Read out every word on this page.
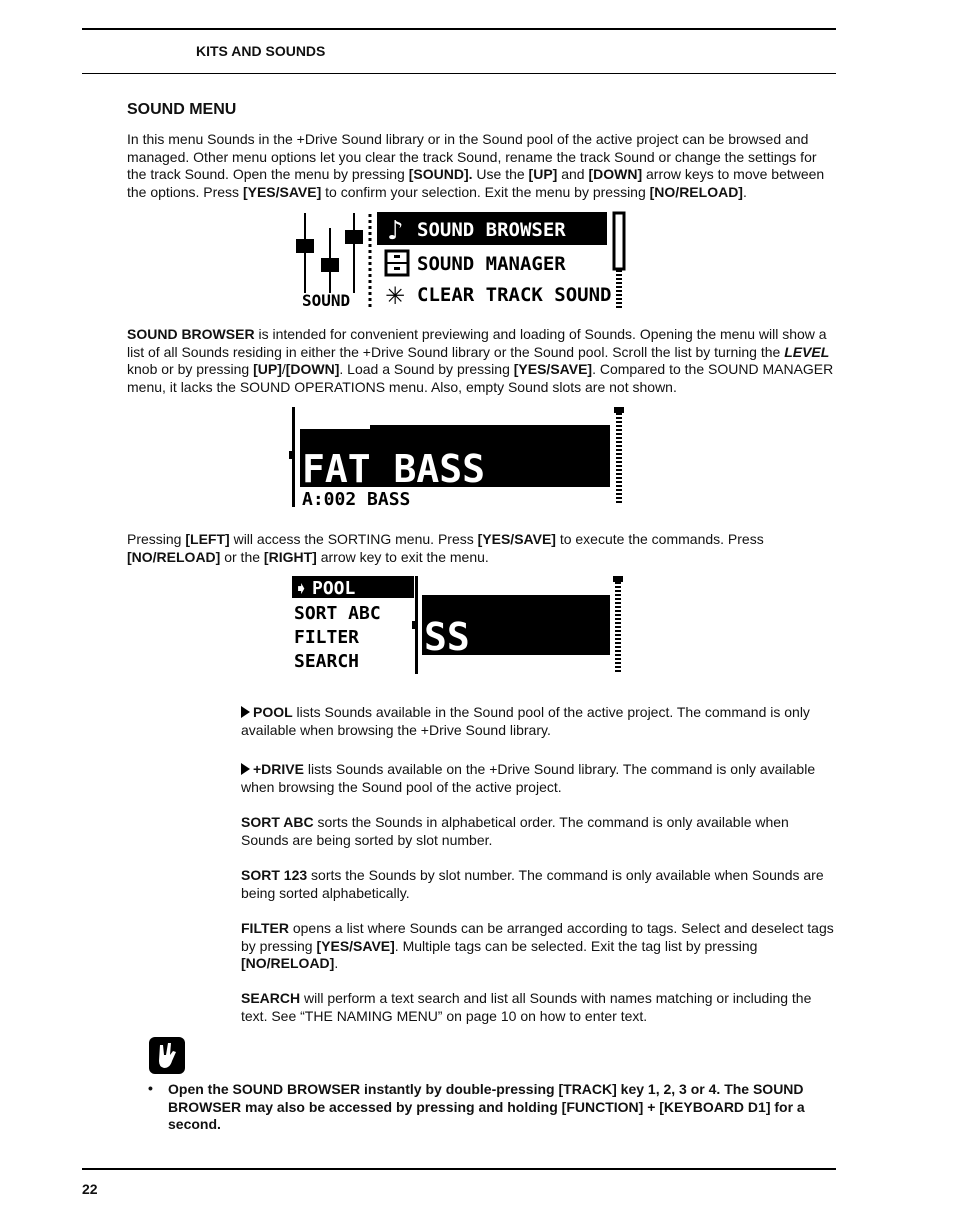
KITS AND SOUNDS
SOUND MENU

In this menu Sounds in the +Drive Sound library or in the Sound pool of the active project can be browsed and managed. Other menu options let you clear the track Sound, rename the track Sound or change the settings for the track Sound. Open the menu by pressing [SOUND]. Use the [UP] and [DOWN] arrow keys to move between the options. Press [YES/SAVE] to confirm your selection. Exit the menu by pressing [NO/RELOAD].

SOUND
♪ SOUND BROWSER
SOUND MANAGER
✳ CLEAR TRACK SOUND

SOUND BROWSER is intended for convenient previewing and loading of Sounds. Opening the menu will show a list of all Sounds residing in either the +Drive Sound library or the Sound pool. Scroll the list by turning the LEVEL knob or by pressing [UP]/[DOWN]. Load a Sound by pressing [YES/SAVE]. Compared to the SOUND MANAGER menu, it lacks the SOUND OPERATIONS menu. Also, empty Sound slots are not shown.

FAT BASS
A:002 BASS

Pressing [LEFT] will access the SORTING menu. Press [YES/SAVE] to execute the commands. Press [NO/RELOAD] or the [RIGHT] arrow key to exit the menu.

➧ POOL
SORT ABC
FILTER
SEARCH
SS

POOL lists Sounds available in the Sound pool of the active project. The command is only available when browsing the +Drive Sound library.

+DRIVE lists Sounds available on the +Drive Sound library. The command is only available when browsing the Sound pool of the active project.

SORT ABC sorts the Sounds in alphabetical order. The command is only available when Sounds are being sorted by slot number.

SORT 123 sorts the Sounds by slot number. The command is only available when Sounds are being sorted alphabetically.

FILTER opens a list where Sounds can be arranged according to tags. Select and deselect tags by pressing [YES/SAVE]. Multiple tags can be selected. Exit the tag list by pressing [NO/RELOAD].

SEARCH will perform a text search and list all Sounds with names matching or including the text. See “THE NAMING MENU” on page 10 on how to enter text.

• Open the SOUND BROWSER instantly by double-pressing [TRACK] key 1, 2, 3 or 4. The SOUND BROWSER may also be accessed by pressing and holding [FUNCTION] + [KEYBOARD D1] for a second.

22
